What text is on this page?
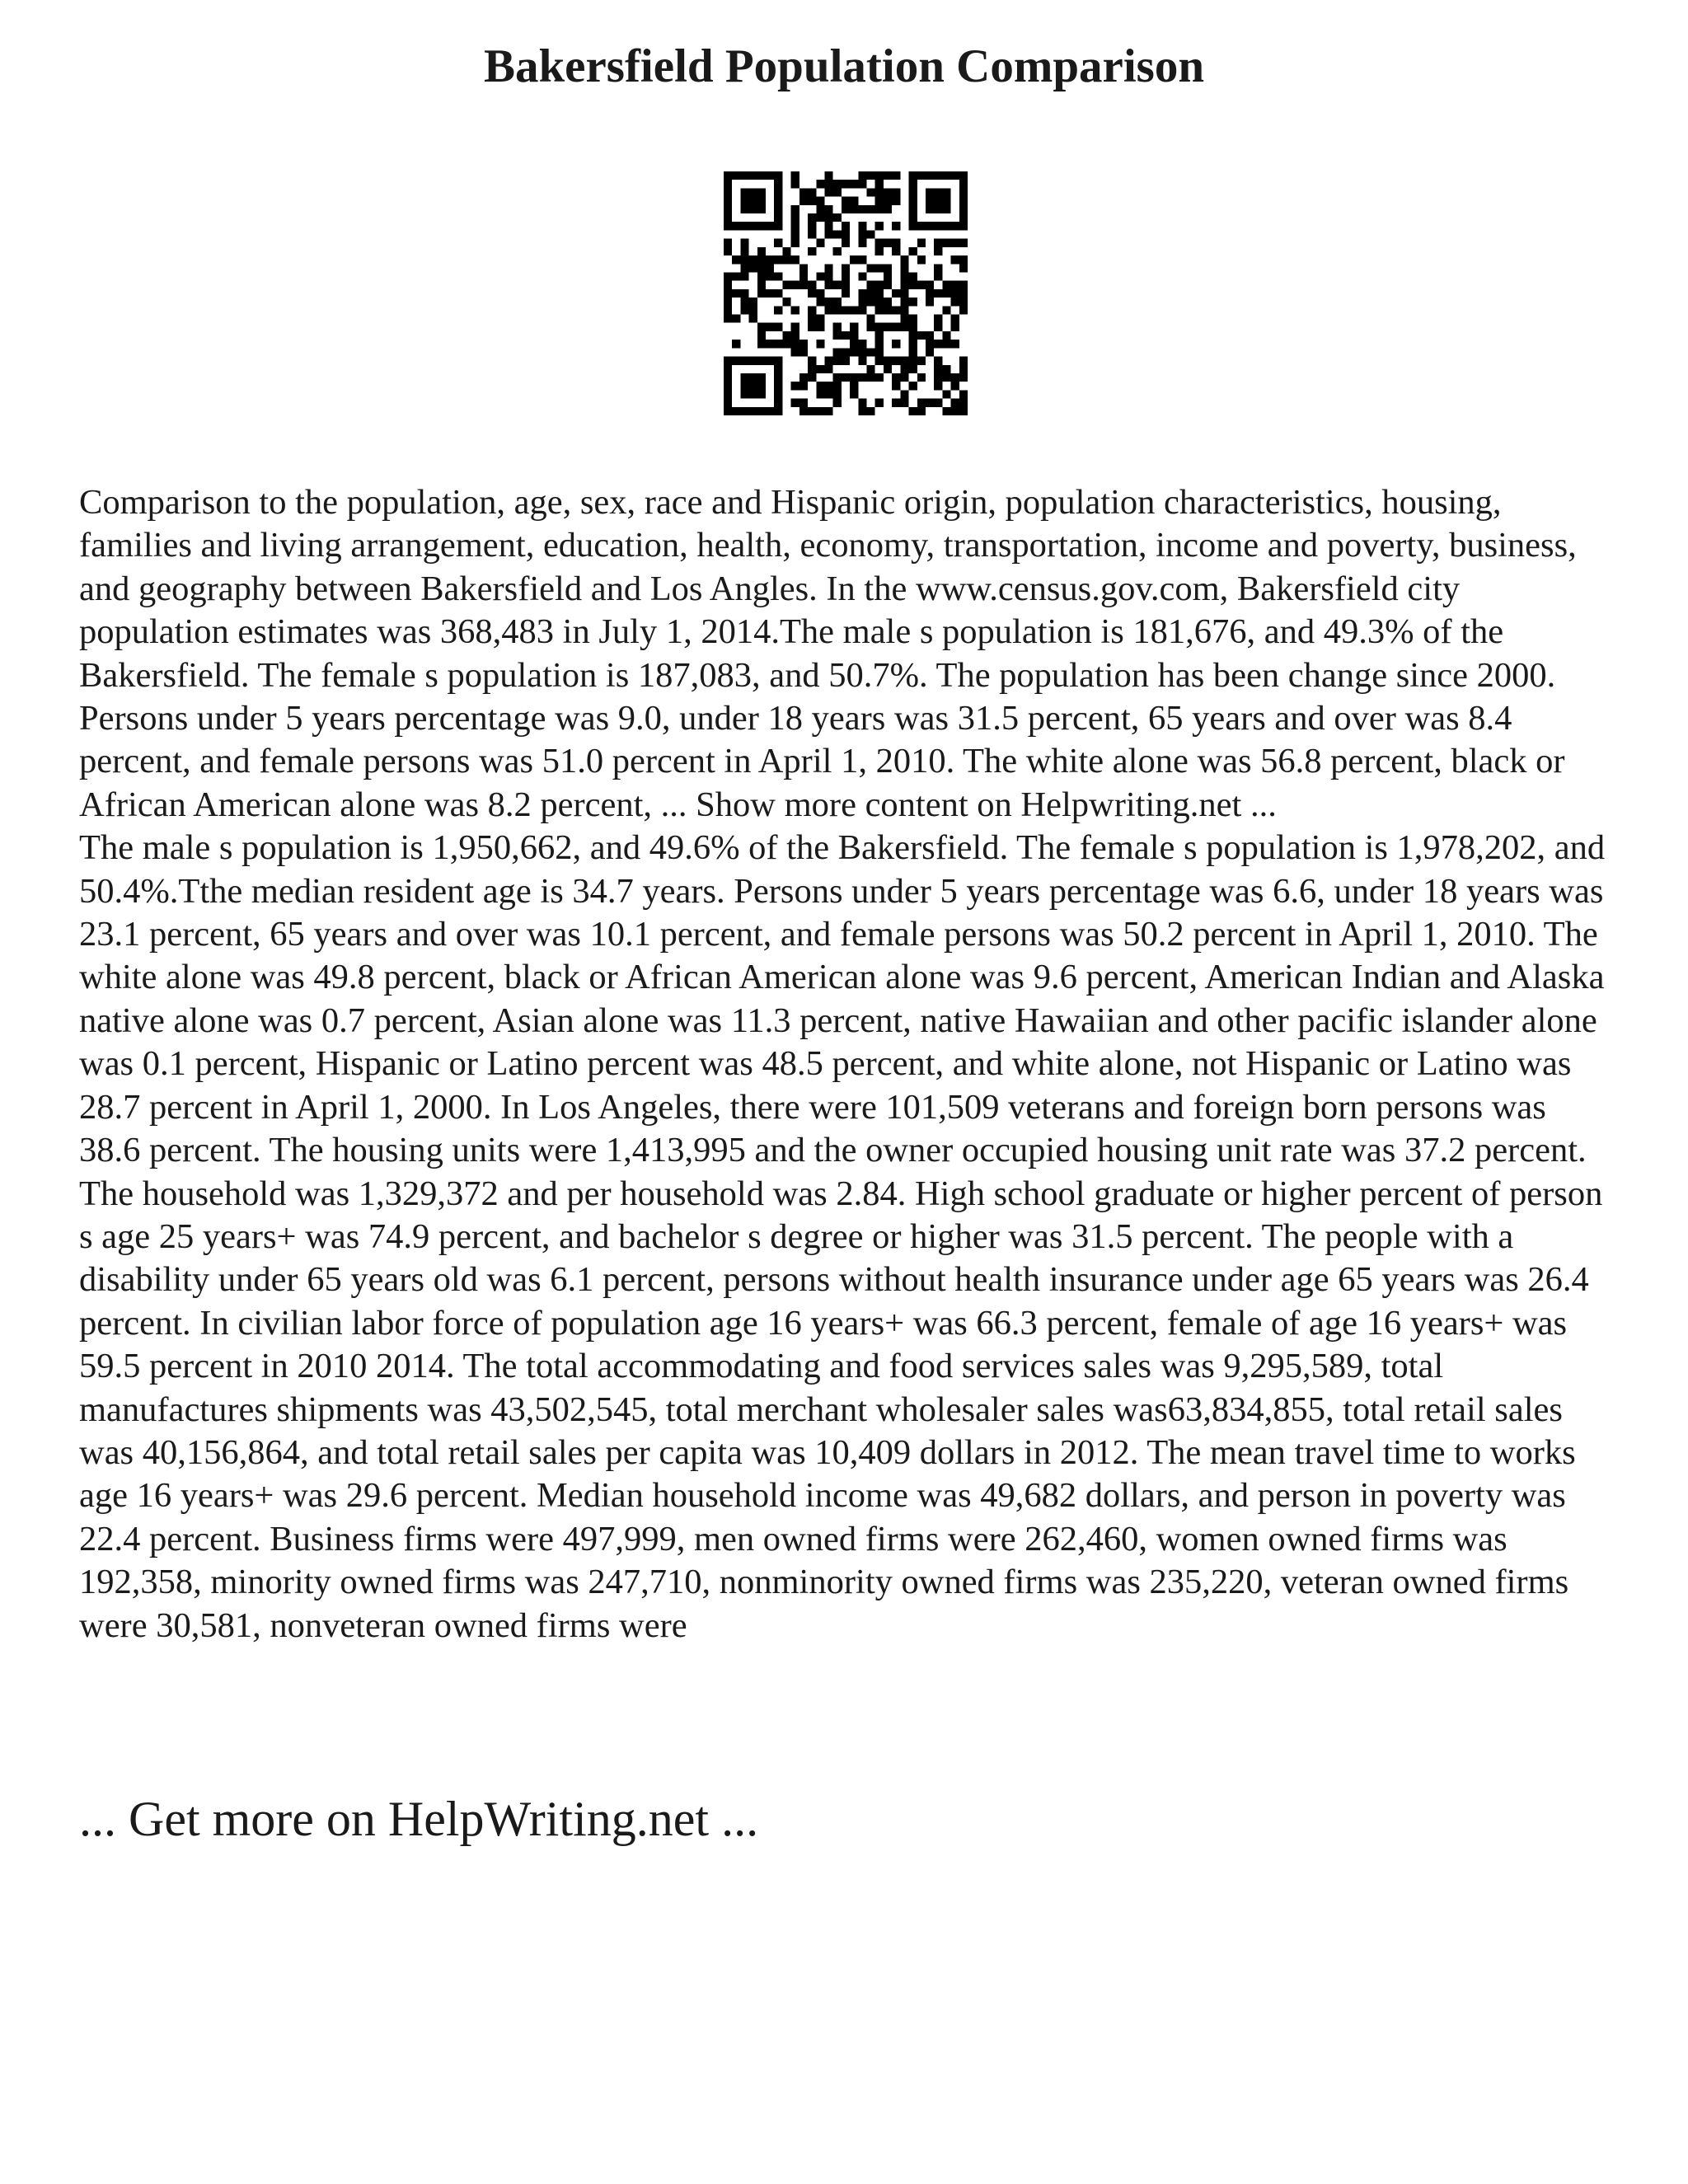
Bakersfield Population Comparison

Comparison to the population, age, sex, race and Hispanic origin, population characteristics, housing, families and living arrangement, education, health, economy, transportation, income and poverty, business, and geography between Bakersfield and Los Angles. In the www.census.gov.com, Bakersfield city population estimates was 368,483 in July 1, 2014.The male s population is 181,676, and 49.3% of the Bakersfield. The female s population is 187,083, and 50.7%. The population has been change since 2000. Persons under 5 years percentage was 9.0, under 18 years was 31.5 percent, 65 years and over was 8.4 percent, and female persons was 51.0 percent in April 1, 2010. The white alone was 56.8 percent, black or African American alone was 8.2 percent, ... Show more content on Helpwriting.net ...

The male s population is 1,950,662, and 49.6% of the Bakersfield. The female s population is 1,978,202, and 50.4%.Tthe median resident age is 34.7 years. Persons under 5 years percentage was 6.6, under 18 years was 23.1 percent, 65 years and over was 10.1 percent, and female persons was 50.2 percent in April 1, 2010. The white alone was 49.8 percent, black or African American alone was 9.6 percent, American Indian and Alaska native alone was 0.7 percent, Asian alone was 11.3 percent, native Hawaiian and other pacific islander alone was 0.1 percent, Hispanic or Latino percent was 48.5 percent, and white alone, not Hispanic or Latino was 28.7 percent in April 1, 2000. In Los Angeles, there were 101,509 veterans and foreign born persons was 38.6 percent. The housing units were 1,413,995 and the owner occupied housing unit rate was 37.2 percent. The household was 1,329,372 and per household was 2.84. High school graduate or higher percent of person s age 25 years+ was 74.9 percent, and bachelor s degree or higher was 31.5 percent. The people with a disability under 65 years old was 6.1 percent, persons without health insurance under age 65 years was 26.4 percent. In civilian labor force of population age 16 years+ was 66.3 percent, female of age 16 years+ was 59.5 percent in 2010 2014. The total accommodating and food services sales was 9,295,589, total manufactures shipments was 43,502,545, total merchant wholesaler sales was63,834,855, total retail sales was 40,156,864, and total retail sales per capita was 10,409 dollars in 2012. The mean travel time to works age 16 years+ was 29.6 percent. Median household income was 49,682 dollars, and person in poverty was 22.4 percent. Business firms were 497,999, men owned firms were 262,460, women owned firms was 192,358, minority owned firms was 247,710, nonminority owned firms was 235,220, veteran owned firms were 30,581, nonveteran owned firms were

... Get more on HelpWriting.net ...
